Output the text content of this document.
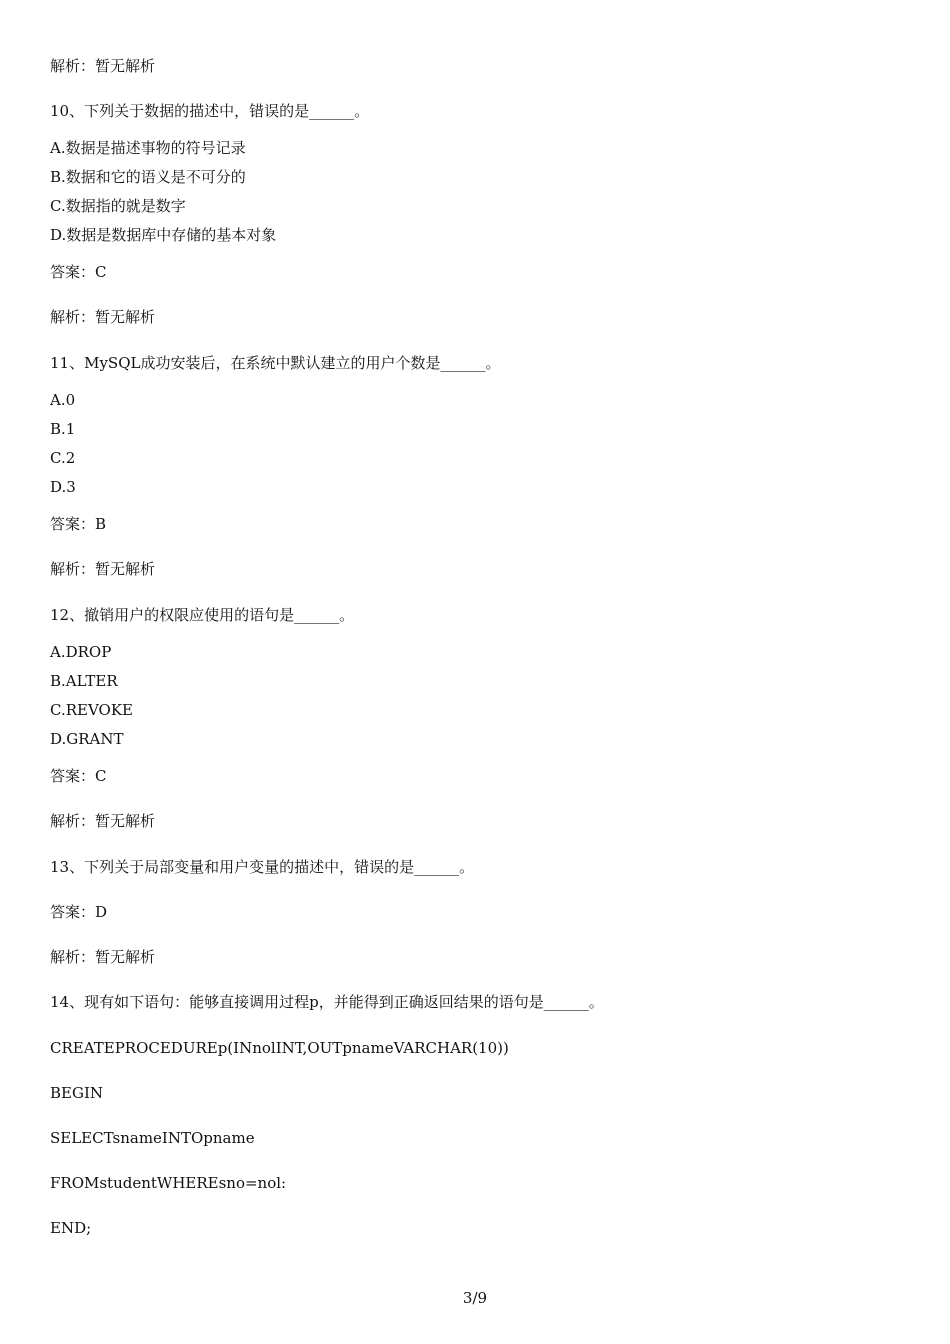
解析：暂无解析
10、下列关于数据的描述中，错误的是______。
A.数据是描述事物的符号记录
B.数据和它的语义是不可分的
C.数据指的就是数字
D.数据是数据库中存储的基本对象
答案：C
解析：暂无解析
11、MySQL成功安装后，在系统中默认建立的用户个数是______。
A.0
B.1
C.2
D.3
答案：B
解析：暂无解析
12、撤销用户的权限应使用的语句是______。
A.DROP
B.ALTER
C.REVOKE
D.GRANT
答案：C
解析：暂无解析
13、下列关于局部变量和用户变量的描述中，错误的是______。
答案：D
解析：暂无解析
14、现有如下语句：能够直接调用过程p，并能得到正确返回结果的语句是______。
CREATEPROCEDUREp(INnolINT,OUTpnameVARCHAR(10))
BEGIN
SELECTsnameINTOpname
FROMstudentWHEREsno=nol:
END;
3/9
